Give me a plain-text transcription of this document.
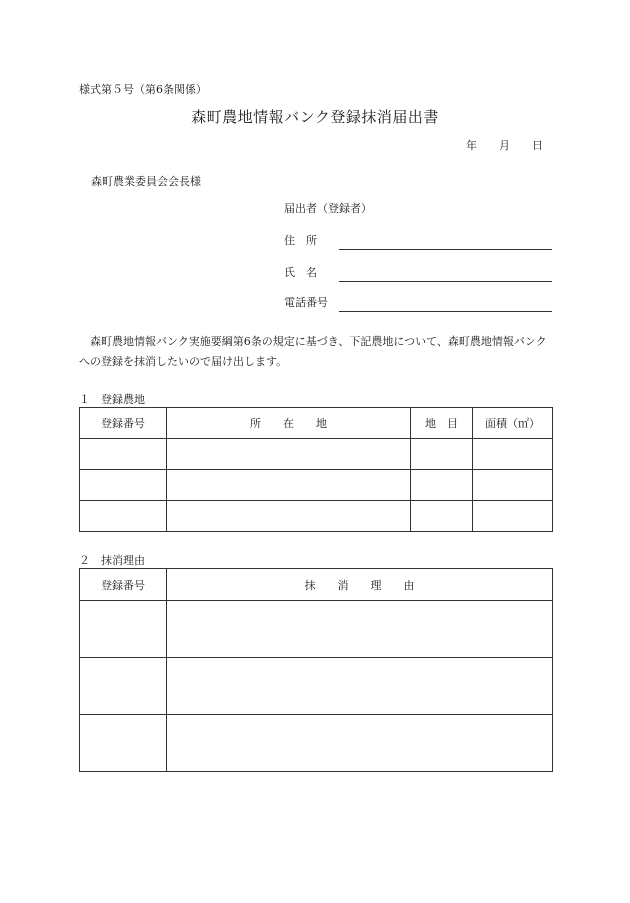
様式第５号（第6条関係）
森町農地情報バンク登録抹消届出書
年 月 日
森町農業委員会会長様
届出者（登録者）
住　所
氏　名
電話番号
森町農地情報バンク実施要綱第6条の規定に基づき、下記農地について、森町農地情報バンクへの登録を抹消したいので届け出します。
１　登録農地
登録番号	所　　在　　地	地　目	面積（㎡）

２　抹消理由
登録番号	抹　　消　　理　　由
